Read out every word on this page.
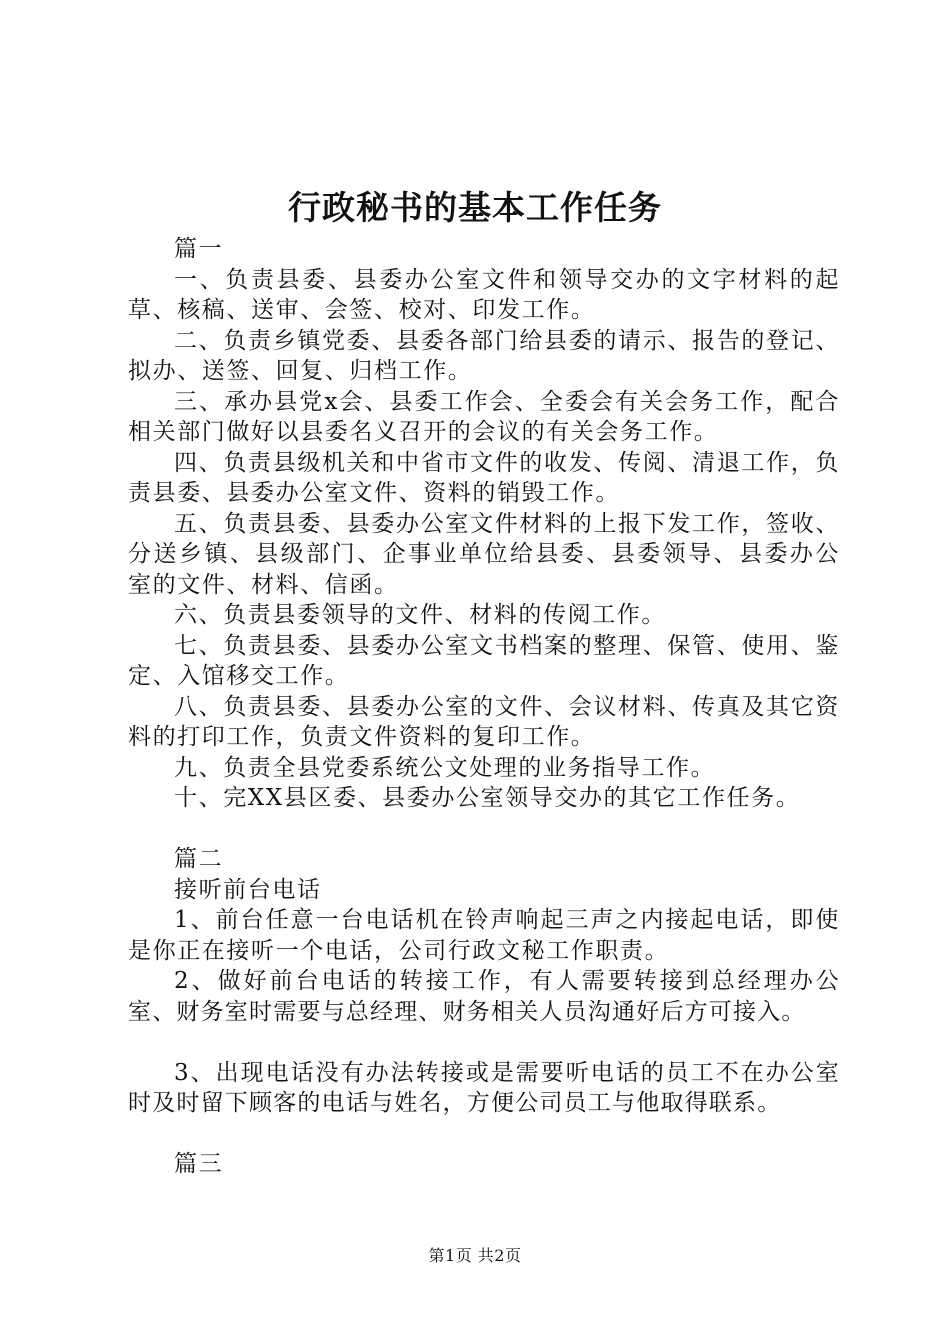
行政秘书的基本工作任务

篇一

一、负责县委、县委办公室文件和领导交办的文字材料的起草、核稿、送审、会签、校对、印发工作。

二、负责乡镇党委、县委各部门给县委的请示、报告的登记、拟办、送签、回复、归档工作。

三、承办县党x会、县委工作会、全委会有关会务工作，配合相关部门做好以县委名义召开的会议的有关会务工作。

四、负责县级机关和中省市文件的收发、传阅、清退工作，负责县委、县委办公室文件、资料的销毁工作。

五、负责县委、县委办公室文件材料的上报下发工作，签收、分送乡镇、县级部门、企事业单位给县委、县委领导、县委办公室的文件、材料、信函。

六、负责县委领导的文件、材料的传阅工作。

七、负责县委、县委办公室文书档案的整理、保管、使用、鉴定、入馆移交工作。

八、负责县委、县委办公室的文件、会议材料、传真及其它资料的打印工作，负责文件资料的复印工作。

九、负责全县党委系统公文处理的业务指导工作。

十、完XX县区委、县委办公室领导交办的其它工作任务。

篇二

接听前台电话

1、前台任意一台电话机在铃声响起三声之内接起电话，即使是你正在接听一个电话，公司行政文秘工作职责。

2、做好前台电话的转接工作，有人需要转接到总经理办公室、财务室时需要与总经理、财务相关人员沟通好后方可接入。

3、出现电话没有办法转接或是需要听电话的员工不在办公室时及时留下顾客的电话与姓名，方便公司员工与他取得联系。

篇三

第1页 共2页
